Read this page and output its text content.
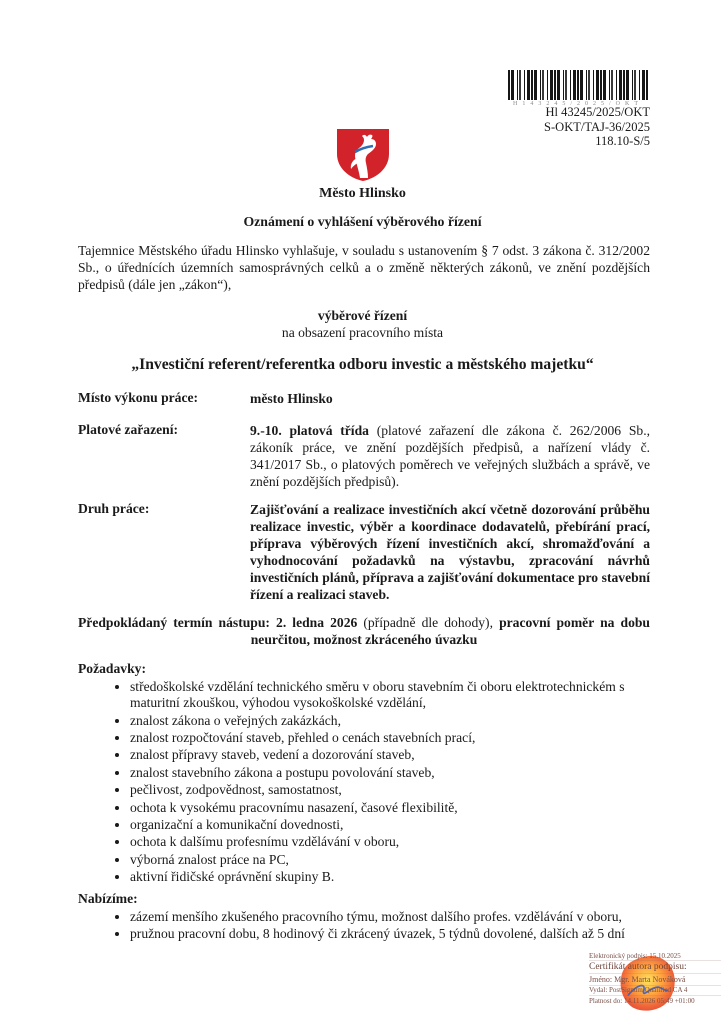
H143245/2025/OKT
Hl 43245/2025/OKT
S-OKT/TAJ-36/2025
118.10-S/5
Město Hlinsko
Oznámení o vyhlášení výběrového řízení

Tajemnice Městského úřadu Hlinsko vyhlašuje, v souladu s ustanovením § 7 odst. 3 zákona č. 312/2002 Sb., o úřednících územních samosprávných celků a o změně některých zákonů, ve znění pozdějších předpisů (dále jen „zákon“),

výběrové řízení
na obsazení pracovního místa
„Investiční referent/referentka odboru investic a městského majetku“
Místo výkonu práce:	město Hlinsko
Platové zařazení:	9.-10. platová třída (platové zařazení dle zákona č. 262/2006 Sb., zákoník práce, ve znění pozdějších předpisů, a nařízení vlády č. 341/2017 Sb., o platových poměrech ve veřejných službách a správě, ve znění pozdějších předpisů).
Druh práce:	Zajišťování a realizace investičních akcí včetně dozorování průběhu realizace investic, výběr a koordinace dodavatelů, přebírání prací, příprava výběrových řízení investičních akcí, shromažďování a vyhodnocování požadavků na výstavbu, zpracování návrhů investičních plánů, příprava a zajišťování dokumentace pro stavební řízení a realizaci staveb.

Předpokládaný termín nástupu: 2. ledna 2026 (případně dle dohody), pracovní poměr na dobu neurčitou, možnost zkráceného úvazku

Požadavky:
• středoškolské vzdělání technického směru v oboru stavebním či oboru elektrotechnickém s maturitní zkouškou, výhodou vysokoškolské vzdělání,
• znalost zákona o veřejných zakázkách,
• znalost rozpočtování staveb, přehled o cenách stavebních prací,
• znalost přípravy staveb, vedení a dozorování staveb,
• znalost stavebního zákona a postupu povolování staveb,
• pečlivost, zodpovědnost, samostatnost,
• ochota k vysokému pracovnímu nasazení, časové flexibilitě,
• organizační a komunikační dovednosti,
• ochota k dalšímu profesnímu vzdělávání v oboru,
• výborná znalost práce na PC,
• aktivní řidičské oprávnění skupiny B.
Nabízíme:
• zázemí menšího zkušeného pracovního týmu, možnost dalšího profes. vzdělávání v oboru,
• pružnou pracovní dobu, 8 hodinový či zkrácený úvazek, 5 týdnů dovolené, dalších až 5 dní
Elektronický podpis: 15.10.2025
Certifikát autora podpisu:
Jméno: Mgr. Marta Nováková
Vydal: PostSignum Qualified CA 4
Platnost do: 14.11.2026 05:49 +01:00
